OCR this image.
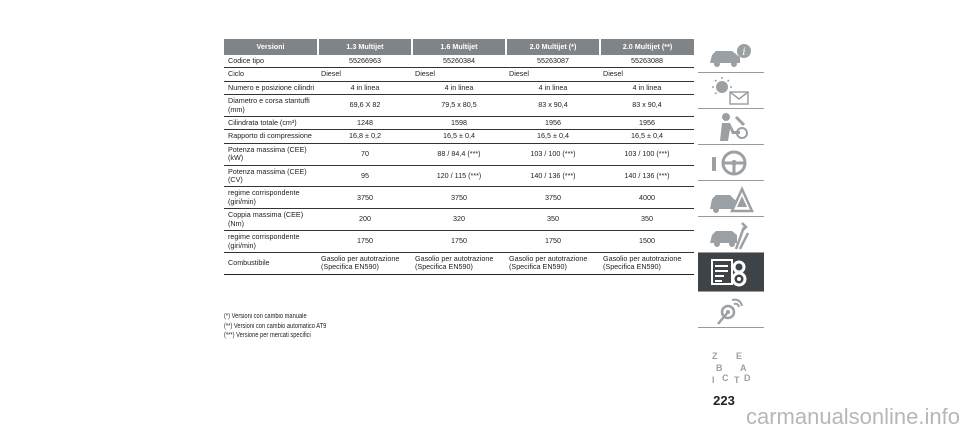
Versioni	1.3 Multijet	1.6 Multijet	2.0 Multijet (*)	2.0 Multijet (**)
Codice tipo	55266963	55260384	55263087	55263088
Ciclo	Diesel	Diesel	Diesel	Diesel
Numero e posizione cilindri	4 in linea	4 in linea	4 in linea	4 in linea
Diametro e corsa stantuffi (mm)	69,6 X 82	79,5 x 80,5	83 x 90,4	83 x 90,4
Cilindrata totale (cm³)	1248	1598	1956	1956
Rapporto di compressione	16,8 ± 0,2	16,5 ± 0,4	16,5 ± 0,4	16,5 ± 0,4
Potenza massima (CEE) (kW)	70	88 / 84,4 (***)	103 / 100 (***)	103 / 100 (***)
Potenza massima (CEE) (CV)	95	120 / 115 (***)	140 / 136 (***)	140 / 136 (***)
regime corrispondente (giri/min)	3750	3750	3750	4000
Coppia massima (CEE) (Nm)	200	320	350	350
regime corrispondente (giri/min)	1750	1750	1750	1500
Combustibile	Gasolio per autotrazione (Specifica EN590)	Gasolio per autotrazione (Specifica EN590)	Gasolio per autotrazione (Specifica EN590)	Gasolio per autotrazione (Specifica EN590)
(*) Versioni con cambio manuale
(**) Versioni con cambio automatico AT9
(***) Versione per mercati specifici
i
Z E
B A
I C T D
223
carmanualsonline.info
